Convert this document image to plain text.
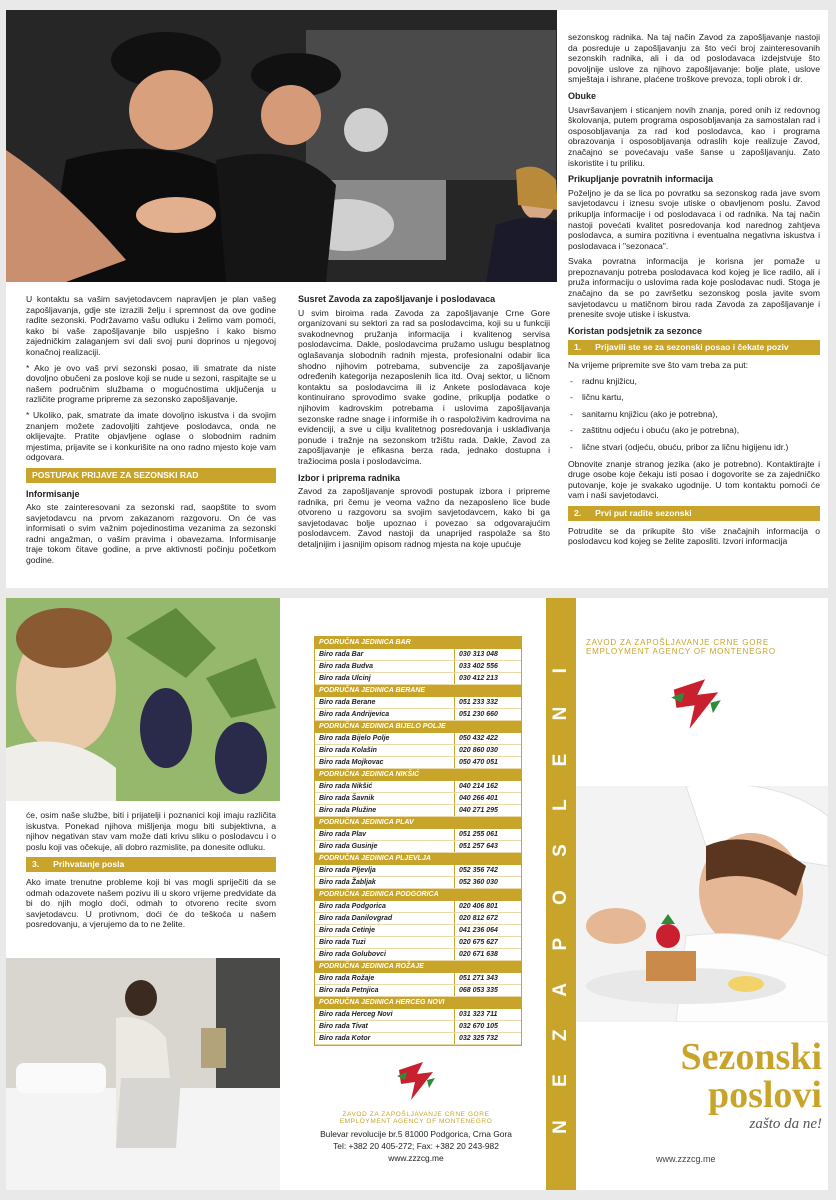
U kontaktu sa vašim savjetodavcem napravljen je plan vašeg zapošljavanja, gdje ste izrazili želju i spremnost da ove godine radite sezonski. Podržavamo vašu odluku i želimo vam pomoći, kako bi vaše zapošljavanje bilo uspješno i kako bismo zajedničkim zalaganjem svi dali svoj puni doprinos u njegovoj konačnoj realizaciji.

* Ako je ovo vaš prvi sezonski posao, ili smatrate da niste dovoljno obučeni za poslove koji se nude u sezoni, raspitajte se u našem područnim službama o mogućnostima uključenja u različite programe pripreme za sezonsko zapošljavanje.

* Ukoliko, pak, smatrate da imate dovoljno iskustva i da svojim znanjem možete zadovoljiti zahtjeve poslodavca, onda ne oklijevajte. Pratite objavljene oglase o slobodnim radnim mjestima, prijavite se i konkurišite na ono radno mjesto koje vam odgovara.

POSTUPAK PRIJAVE ZA SEZONSKI RAD
Informisanje

Ako ste zainteresovani za sezonski rad, saopštite to svom savjetodavcu na prvom zakazanom razgovoru. On će vas informisati o svim važnim pojedinostima vezanima za sezonski radni angažman, o vašim pravima i obavezama. Informisanje traje tokom čitave godine, a prve aktivnosti počinju početkom godine.

Susret Zavoda za zapošljavanje i poslodavaca

U svim biroima rada Zavoda za zapošljavanje Crne Gore organizovani su sektori za rad sa poslodavcima, koji su u funkciji svakodnevnog pružanja informacija i kvalitenog servisa poslodavcima. Dakle, poslodavcima pružamo uslugu besplatnog oglašavanja slobodnih radnih mjesta, profesionalni odabir lica shodno njihovim potrebama, subvencije za zapošljavanje određenih kategorija nezaposlenih lica itd. Ovaj sektor, u ličnom kontaktu sa poslodavcima ili iz Ankete poslodavaca koje kontinuirano sprovodimo svake godine, prikuplja podatke o njihovim kadrovskim potrebama i uslovima zapošljavanja sezonske radne snage i informiše ih o raspoloživim kadrovima na evidenciji, a sve u cilju kvalitetnog posredovanja i usklađivanja ponude i tražnje na sezonskom tržištu rada. Dakle, Zavod za zapošljavanje je efikasna berza rada, jednako dostupna i tražiocima posla i poslodavcima.

Izbor i priprema radnika

Zavod za zapošljavanje sprovodi postupak izbora i pripreme radnika, pri čemu je veoma važno da nezaposleno lice bude otvoreno u razgovoru sa svojim savjetodavcem, kako bi ga savjetodavac bolje upoznao i povezao sa odgovarajućim poslodavcem. Zavod nastoji da unaprijed raspolaže sa što detaljnijim i jasnijim opisom radnog mjesta na koje upućuje

sezonskog radnika. Na taj način Zavod za zapošljavanje nastoji da posreduje u zapošljavanju za što veći broj zainteresovanih sezonskih radnika, ali i da od poslodavaca izdejstvuje što povoljnije uslove za njihovo zapošljavanje: bolje plate, uslove smještaja i ishrane, plaćene troškove prevoza, topli obrok i dr.

Obuke

Usavršavanjem i sticanjem novih znanja, pored onih iz redovnog školovanja, putem programa osposobljavanja za samostalan rad i osposobljavanja za rad kod poslodavca, kao i programa obrazovanja i osposobljavanja odraslih koje realizuje Zavod, značajno se povećavaju vaše šanse u zapošljavanju. Zato iskoristite i tu priliku.

Prikupljanje povratnih informacija

Poželjno je da se lica po povratku sa sezonskog rada jave svom savjetodavcu i iznesu svoje utiske o obavljenom poslu. Zavod prikuplja informacije i od poslodavaca i od radnika. Na taj način nastoji povećati kvalitet posredovanja kod narednog zahtjeva poslodavca, a sumira pozitivna i eventualna negativna iskustva i poslodavaca i "sezonaca".

Svaka povratna informacija je korisna jer pomaže u prepoznavanju potreba poslodavaca kod kojeg je lice radilo, ali i pruža informaciju o uslovima rada koje poslodavac nudi. Stoga je značajno da se po završetku sezonskog posla javite svom savjetodavcu u matičnom birou rada Zavoda za zapošljavanje i prenesite svoje utiske i iskustva.

Koristan podsjetnik za sezonce
1. Prijavili ste se za sezonski posao i čekate poziv

Na vrijeme pripremite sve što vam treba za put:

- radnu knjižicu,
- ličnu kartu,
- sanitarnu knjižicu (ako je potrebna),
- zaštitnu odjeću i obuću (ako je potrebna),
- lične stvari (odjeću, obuću, pribor za ličnu higijenu idr.)

Obnovite znanje stranog jezika (ako je potrebno). Kontaktirajte i druge osobe koje čekaju isti posao i dogovorite se za zajedničko putovanje, koje je svakako ugodnije. U tom kontaktu pomoći će vam i naši savjetodavci.

2. Prvi put radite sezonski

Potrudite se da prikupite što više značajnih informacija o poslodavcu kod kojeg se želite zaposliti. Izvori informacija

će, osim naše službe, biti i prijatelji i poznanici koji imaju različita iskustva. Ponekad njihova mišljenja mogu biti subjektivna, a njihov negativan stav vam može dati krivu sliku o poslodavcu i o poslu koji vas očekuje, ali dobro razmislite, pa donesite odluku.

3. Prihvatanje posla

Ako imate trenutne probleme koji bi vas mogli spriječiti da se odmah odazovete našem pozivu ili u skoro vrijeme predvidate da bi do njih moglo doći, odmah to otvoreno recite svom savjetodavcu. U protivnom, doći će do teškoća u našem posredovanju, a vjerujemo da to ne želite.

PODRUČNA JEDINICA BAR
Biro rada Bar	030 313 048
Biro rada Budva	033 402 556
Biro rada Ulcinj	030 412 213
PODRUČNA JEDINICA BERANE
Biro rada Berane	051 233 332
Biro rada Andrijevica	051 230 660
PODRUČNA JEDINICA BIJELO POLJE
Biro rada Bijelo Polje	050 432 422
Biro rada Kolašin	020 860 030
Biro rada Mojkovac	050 470 051
PODRUČNA JEDINICA NIKŠIĆ
Biro rada Nikšić	040 214 162
Biro rada Šavnik	040 266 401
Biro rada Plužine	040 271 295
PODRUČNA JEDINICA PLAV
Biro rada Plav	051 255 061
Biro rada Gusinje	051 257 643
PODRUČNA JEDINICA PLJEVLJA
Biro rada Pljevlja	052 356 742
Biro rada Žabljak	052 360 030
PODRUČNA JEDINICA PODGORICA
Biro rada Podgorica	020 406 801
Biro rada Danilovgrad	020 812 672
Biro rada Cetinje	041 236 064
Biro rada Tuzi	020 675 627
Biro rada Golubovci	020 671 638
PODRUČNA JEDINICA ROŽAJE
Biro rada Rožaje	051 271 343
Biro rada Petnjica	068 053 335
PODRUČNA JEDINICA HERCEG NOVI
Biro rada Herceg Novi	031 323 711
Biro rada Tivat	032 670 105
Biro rada Kotor	032 325 732
ZAVOD ZA ZAPOŠLJAVANJE CRNE GORE
EMPLOYMENT AGENCY OF MONTENEGRO
Bulevar revolucije br.5 81000 Podgorica, Crna Gora
Tel: +382 20 405-272; Fax: +382 20 243-982
www.zzzcg.me
N E Z A P O S L E N I
ZAVOD ZA ZAPOŠLJAVANJE CRNE GORE
EMPLOYMENT AGENCY OF MONTENEGRO
Sezonski
poslovi
zašto da ne!
www.zzzcg.me
